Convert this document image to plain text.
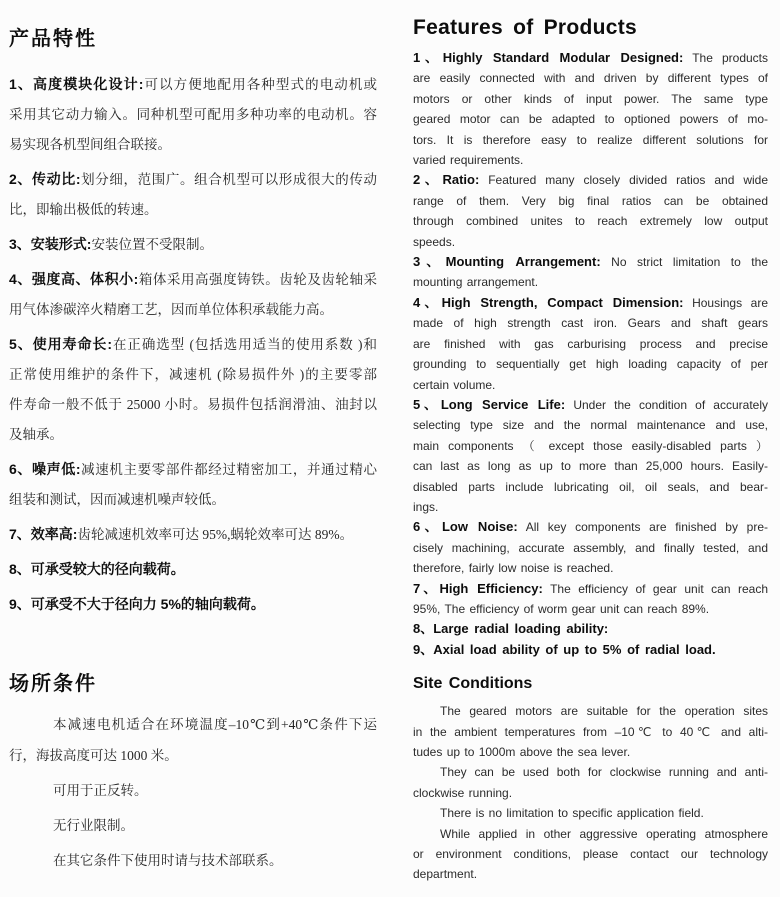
产品特性
1、高度模块化设计:可以方便地配用各种型式的电动机或
采用其它动力输入。同种机型可配用多种功率的电动机。容
易实现各机型间组合联接。
2、传动比:划分细，范围广。组合机型可以形成很大的传动
比，即输出极低的转速。
3、安装形式:安装位置不受限制。
4、强度高、体积小:箱体采用高强度铸铁。齿轮及齿轮轴采
用气体渗碳淬火精磨工艺，因而单位体积承载能力高。
5、使用寿命长:在正确选型 (包括选用适当的使用系数 )和
正常使用维护的条件下，减速机 (除易损件外 )的主要零部
件寿命一般不低于 25000 小时。易损件包括润滑油、油封以
及轴承。
6、噪声低:减速机主要零部件都经过精密加工，并通过精心
组装和测试，因而减速机噪声较低。
7、效率高:齿轮减速机效率可达 95%,蜗轮效率可达 89%。
8、可承受较大的径向载荷。
9、可承受不大于径向力 5%的轴向载荷。
场所条件
本减速电机适合在环境温度–10℃到+40℃条件下运
行，海拔高度可达 1000 米。
可用于正反转。
无行业限制。
在其它条件下使用时请与技术部联系。
Features of Products
1、Highly Standard Modular Designed: The products
are easily connected with and driven by different types of
motors or other kinds of input power. The same type
geared motor can be adapted to optioned powers of mo-
tors. It is therefore easy to realize different solutions for
varied requirements.
2、Ratio: Featured many closely divided ratios and wide
range of them. Very big final ratios can be obtained
through combined unites to reach extremely low output
speeds.
3、Mounting Arrangement: No strict limitation to the
mounting arrangement.
4、High Strength, Compact Dimension: Housings are
made of high strength cast iron. Gears and shaft gears
are finished with gas carburising process and precise
grounding to sequentially get high loading capacity of per
certain volume.
5、Long Service Life: Under the condition of accurately
selecting type size and the normal maintenance and use,
main components （ except those easily-disabled parts ）
can last as long as up to more than 25,000 hours. Easily-
disabled parts include lubricating oil, oil seals, and bear-
ings.
6、Low Noise: All key components are finished by pre-
cisely machining, accurate assembly, and finally tested, and
therefore, fairly low noise is reached.
7、High Efficiency: The efficiency of gear unit can reach
95%, The efficiency of worm gear unit can reach 89%.
8、Large radial loading ability:
9、Axial load ability of up to 5% of radial load.
Site Conditions
The geared motors are suitable for the operation sites
in the ambient temperatures from –10℃ to 40℃ and alti-
tudes up to 1000m above the sea lever.
They can be used both for clockwise running and anti-
clockwise running.
There is no limitation to specific application field.
While applied in other aggressive operating atmosphere
or environment conditions, please contact our technology
department.
